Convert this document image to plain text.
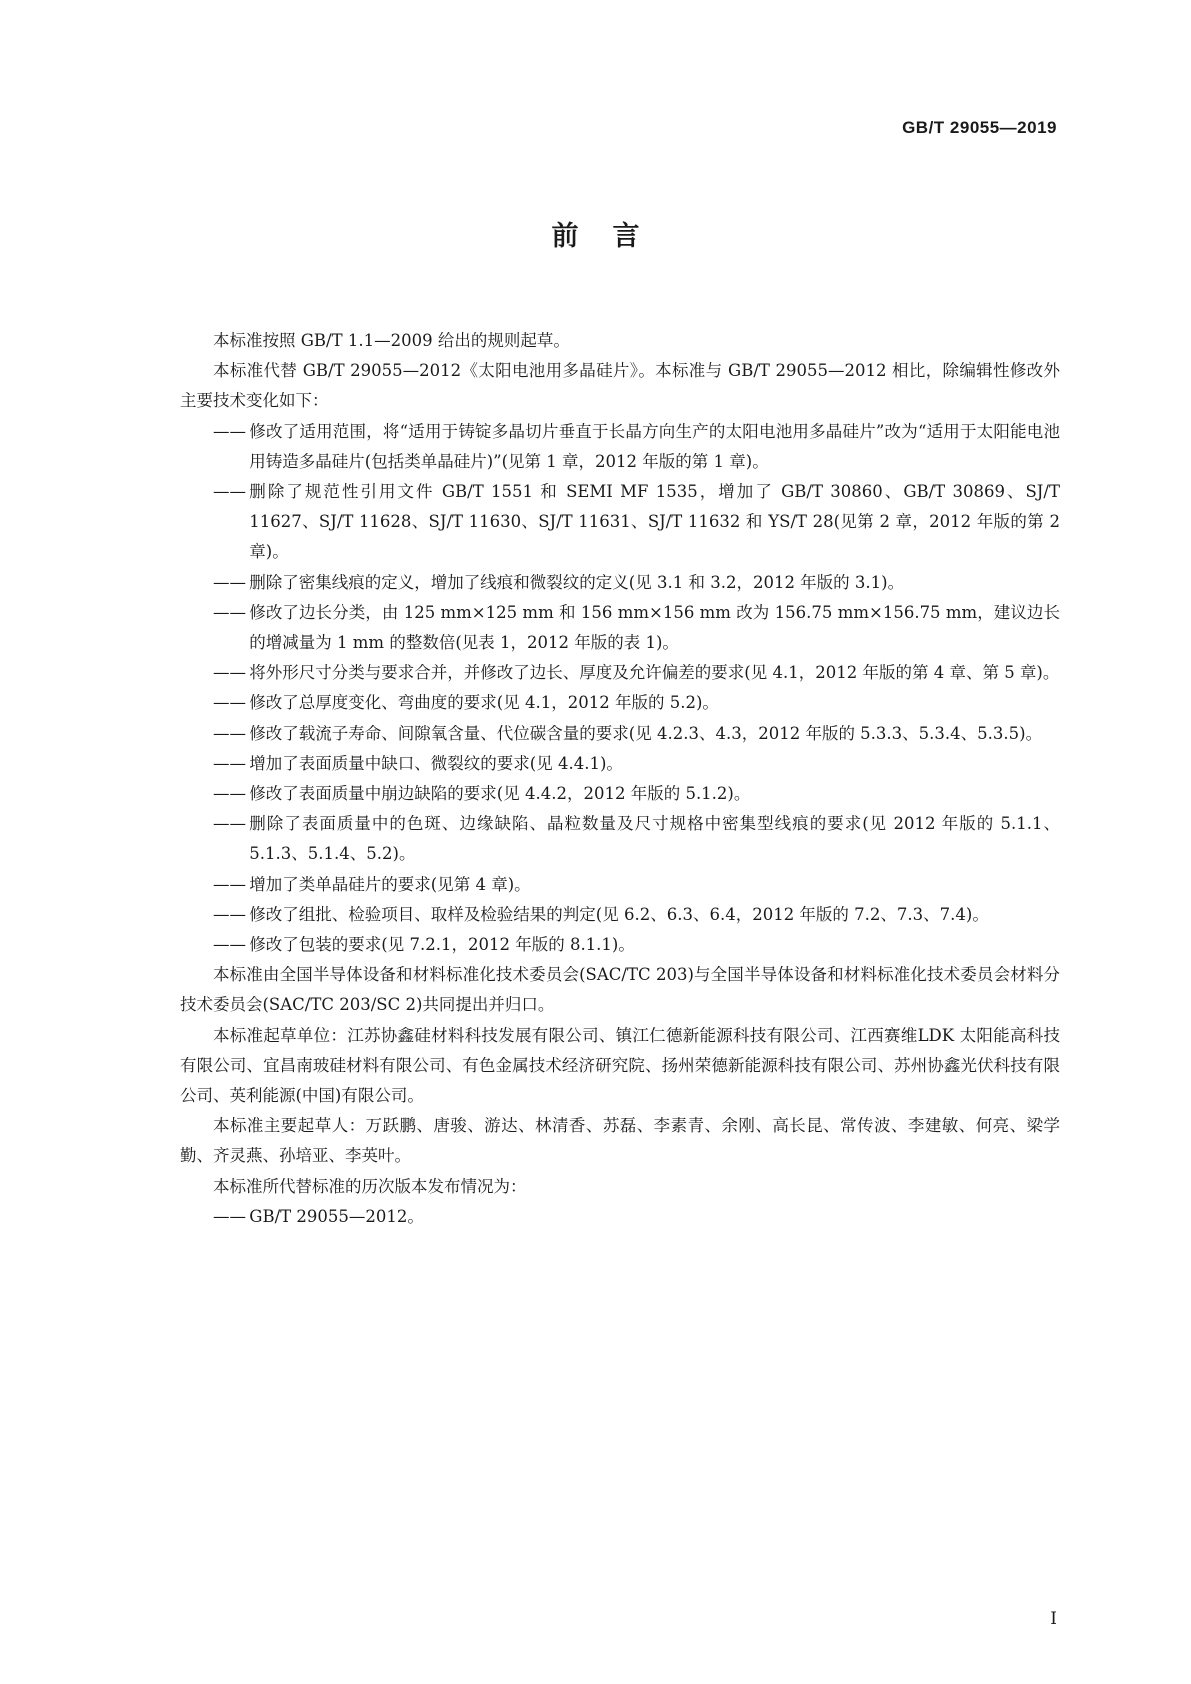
GB/T 29055—2019
前言

本标准按照 GB/T 1.1—2009 给出的规则起草。

本标准代替 GB/T 29055—2012《太阳电池用多晶硅片》。本标准与 GB/T 29055—2012 相比，除编辑性修改外主要技术变化如下：

—— 修改了适用范围，将“适用于铸锭多晶切片垂直于长晶方向生产的太阳电池用多晶硅片”改为“适用于太阳能电池用铸造多晶硅片(包括类单晶硅片)”(见第 1 章，2012 年版的第 1 章)。
—— 删除了规范性引用文件 GB/T 1551 和 SEMI MF 1535，增加了 GB/T 30860、GB/T 30869、SJ/T 11627、SJ/T 11628、SJ/T 11630、SJ/T 11631、SJ/T 11632 和 YS/T 28(见第 2 章，2012 年版的第 2 章)。
—— 删除了密集线痕的定义，增加了线痕和微裂纹的定义(见 3.1 和 3.2，2012 年版的 3.1)。
—— 修改了边长分类，由 125 mm×125 mm 和 156 mm×156 mm 改为 156.75 mm×156.75 mm，建议边长的增减量为 1 mm 的整数倍(见表 1，2012 年版的表 1)。
—— 将外形尺寸分类与要求合并，并修改了边长、厚度及允许偏差的要求(见 4.1，2012 年版的第 4 章、第 5 章)。
—— 修改了总厚度变化、弯曲度的要求(见 4.1，2012 年版的 5.2)。
—— 修改了载流子寿命、间隙氧含量、代位碳含量的要求(见 4.2.3、4.3，2012 年版的 5.3.3、5.3.4、5.3.5)。
—— 增加了表面质量中缺口、微裂纹的要求(见 4.4.1)。
—— 修改了表面质量中崩边缺陷的要求(见 4.4.2，2012 年版的 5.1.2)。
—— 删除了表面质量中的色斑、边缘缺陷、晶粒数量及尺寸规格中密集型线痕的要求(见 2012 年版的 5.1.1、5.1.3、5.1.4、5.2)。
—— 增加了类单晶硅片的要求(见第 4 章)。
—— 修改了组批、检验项目、取样及检验结果的判定(见 6.2、6.3、6.4，2012 年版的 7.2、7.3、7.4)。
—— 修改了包装的要求(见 7.2.1，2012 年版的 8.1.1)。

本标准由全国半导体设备和材料标准化技术委员会(SAC/TC 203)与全国半导体设备和材料标准化技术委员会材料分技术委员会(SAC/TC 203/SC 2)共同提出并归口。

本标准起草单位：江苏协鑫硅材料科技发展有限公司、镇江仁德新能源科技有限公司、江西赛维LDK 太阳能高科技有限公司、宜昌南玻硅材料有限公司、有色金属技术经济研究院、扬州荣德新能源科技有限公司、苏州协鑫光伏科技有限公司、英利能源(中国)有限公司。

本标准主要起草人：万跃鹏、唐骏、游达、林清香、苏磊、李素青、余刚、高长昆、常传波、李建敏、何亮、梁学勤、齐灵燕、孙培亚、李英叶。

本标准所代替标准的历次版本发布情况为：

—— GB/T 29055—2012。
I
